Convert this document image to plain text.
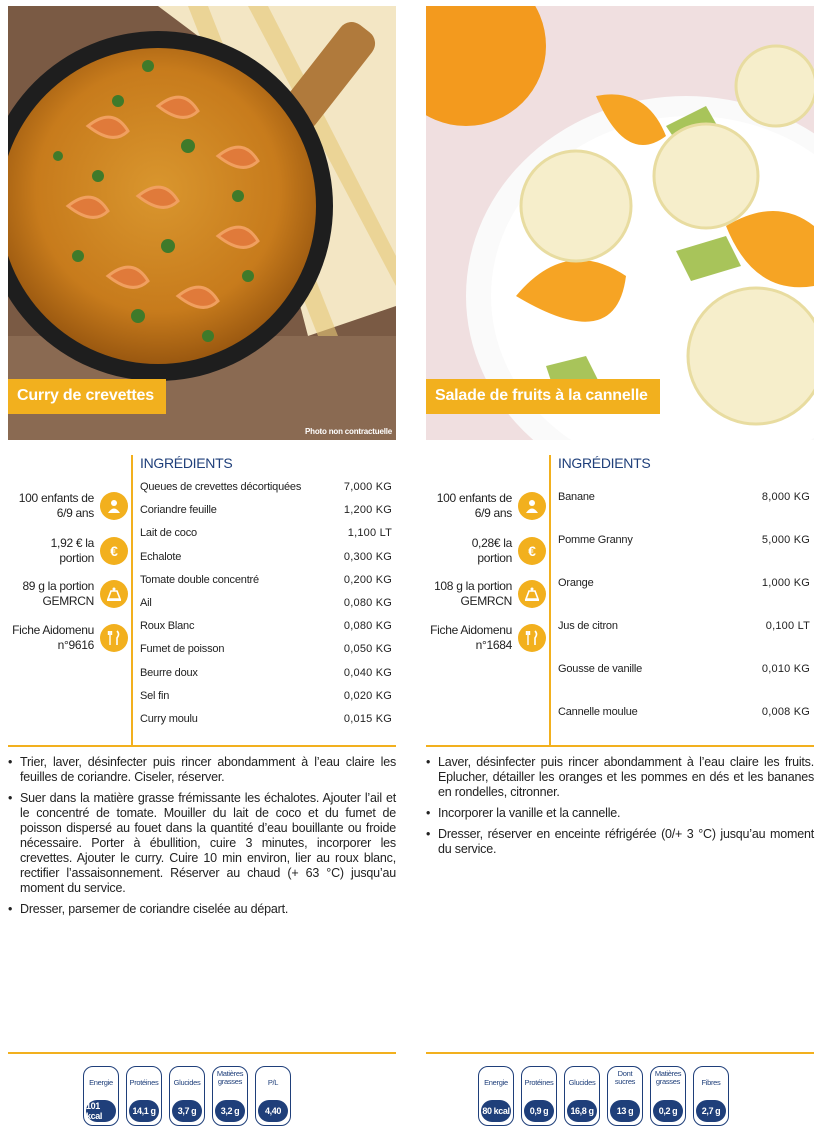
Curry de crevettes
Photo non contractuelle
100 enfants de 6/9 ans
1,92 € la portion	€
89 g la portion GEMRCN
Fiche Aidomenu n°9616
INGRÉDIENTS
Queues de crevettes décortiquées	7,000 KG
Coriandre feuille	1,200 KG
Lait de coco	1,100 LT
Echalote	0,300 KG
Tomate double concentré	0,200 KG
Ail	0,080 KG
Roux Blanc	0,080 KG
Fumet de poisson	0,050 KG
Beurre doux	0,040 KG
Sel fin	0,020 KG
Curry moulu	0,015 KG
• Trier, laver, désinfecter puis rincer abondamment à l’eau claire les feuilles de coriandre. Ciseler, réserver.
• Suer dans la matière grasse frémissante les échalotes. Ajouter l’ail et le concentré de tomate. Mouiller du lait de coco et du fumet de poisson dispersé au fouet dans la quantité d’eau bouillante ou froide nécessaire. Porter à ébullition, cuire 3 minutes, incorporer les crevettes. Ajouter le curry. Cuire 10 min environ, lier au roux blanc, rectifier l’assaisonnement. Réserver au chaud (+ 63 °C) jusqu’au moment du service.
• Dresser, parsemer de coriandre ciselée au départ.
Energie
101 kcal
Protéines
14,1 g
Glucides
3,7 g
Matières grasses
3,2 g
P/L
4,40
Salade de fruits à la cannelle
Photo non contractuelle
100 enfants de 6/9 ans
0,28€ la portion	€
108 g la portion GEMRCN
Fiche Aidomenu n°1684
INGRÉDIENTS
Banane	8,000 KG
Pomme Granny	5,000 KG
Orange	1,000 KG
Jus de citron	0,100 LT
Gousse de vanille	0,010 KG
Cannelle moulue	0,008 KG
• Laver, désinfecter puis rincer abondamment à l’eau claire les fruits. Eplucher, détailler les oranges et les pommes en dés et les bananes en rondelles, citronner.
• Incorporer la vanille et la cannelle.
• Dresser, réserver en enceinte réfrigérée (0/+ 3 °C) jusqu’au moment du service.
Energie
80 kcal
Protéines
0,9 g
Glucides
16,8 g
Dont sucres
13 g
Matières grasses
0,2 g
Fibres
2,7 g
